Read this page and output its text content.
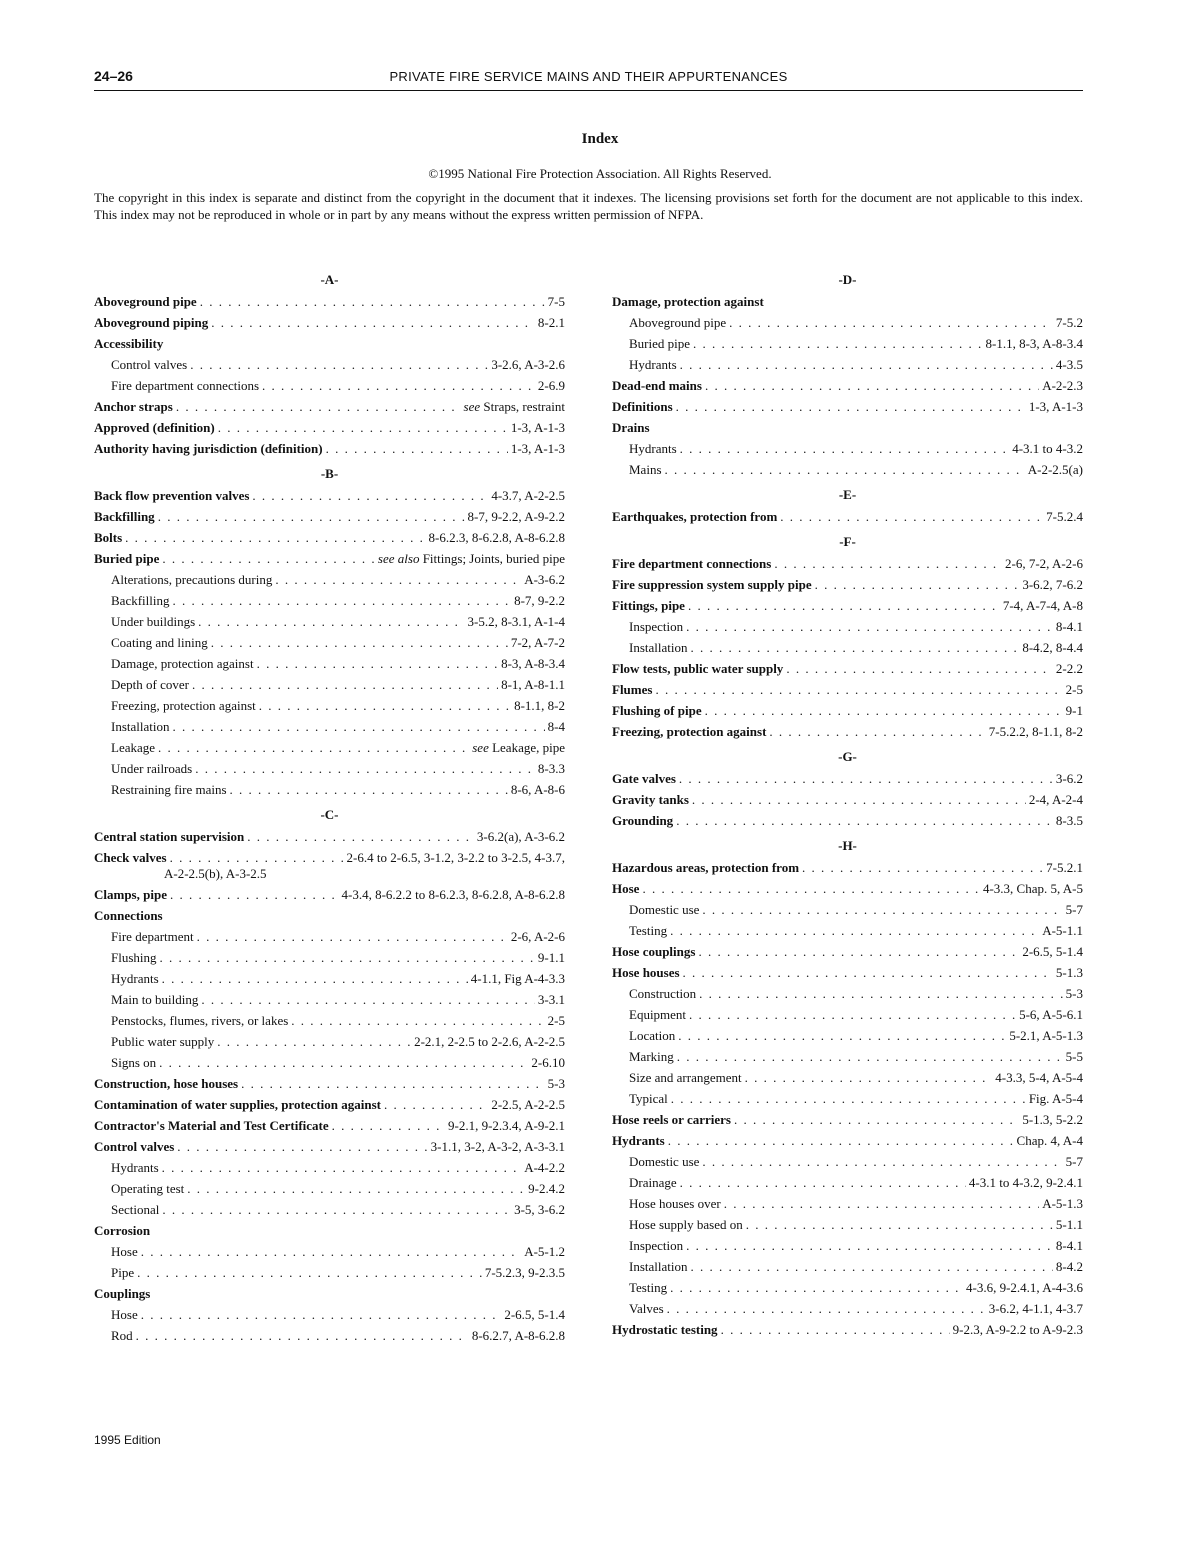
24–26	PRIVATE FIRE SERVICE MAINS AND THEIR APPURTENANCES
Index
©1995 National Fire Protection Association. All Rights Reserved.
The copyright in this index is separate and distinct from the copyright in the document that it indexes. The licensing provisions set forth for the document are not applicable to this index. This index may not be reproduced in whole or in part by any means without the express written permission of NFPA.
-A-
Aboveground pipe . . .	7-5
Aboveground piping . . .	8-2.1
Accessibility
Control valves . . .	3-2.6, A-3-2.6
Fire department connections . . .	2-6.9
Anchor straps . . .	see Straps, restraint
Approved (definition) . . .	1-3, A-1-3
Authority having jurisdiction (definition) . . .	1-3, A-1-3
-B-
Back flow prevention valves . . .	4-3.7, A-2-2.5
Backfilling . . .	8-7, 9-2.2, A-9-2.2
Bolts . . .	8-6.2.3, 8-6.2.8, A-8-6.2.8
Buried pipe . . .	see also Fittings; Joints, buried pipe
Alterations, precautions during . . .	A-3-6.2
Backfilling . . .	8-7, 9-2.2
Under buildings . . .	3-5.2, 8-3.1, A-1-4
Coating and lining . . .	7-2, A-7-2
Damage, protection against . . .	8-3, A-8-3.4
Depth of cover . . .	8-1, A-8-1.1
Freezing, protection against . . .	8-1.1, 8-2
Installation . . .	8-4
Leakage . . .	see Leakage, pipe
Under railroads . . .	8-3.3
Restraining fire mains . . .	8-6, A-8-6
-C-
Central station supervision . . .	3-6.2(a), A-3-6.2
Check valves . . .	2-6.4 to 2-6.5, 3-1.2, 3-2.2 to 3-2.5, 4-3.7,
A-2-2.5(b), A-3-2.5
Clamps, pipe . . .	4-3.4, 8-6.2.2 to 8-6.2.3, 8-6.2.8, A-8-6.2.8
Connections
Fire department . . .	2-6, A-2-6
Flushing . . .	9-1.1
Hydrants . . .	4-1.1, Fig A-4-3.3
Main to building . . .	3-3.1
Penstocks, flumes, rivers, or lakes . . .	2-5
Public water supply . . .	2-2.1, 2-2.5 to 2-2.6, A-2-2.5
Signs on . . .	2-6.10
Construction, hose houses . . .	5-3
Contamination of water supplies, protection against . . .	2-2.5, A-2-2.5
Contractor's Material and Test Certificate . . .	9-2.1, 9-2.3.4, A-9-2.1
Control valves . . .	3-1.1, 3-2, A-3-2, A-3-3.1
Hydrants . . .	A-4-2.2
Operating test . . .	9-2.4.2
Sectional . . .	3-5, 3-6.2
Corrosion
Hose . . .	A-5-1.2
Pipe . . .	7-5.2.3, 9-2.3.5
Couplings
Hose . . .	2-6.5, 5-1.4
Rod . . .	8-6.2.7, A-8-6.2.8
-D-
Damage, protection against
Aboveground pipe . . .	7-5.2
Buried pipe . . .	8-1.1, 8-3, A-8-3.4
Hydrants . . .	4-3.5
Dead-end mains . . .	A-2-2.3
Definitions . . .	1-3, A-1-3
Drains
Hydrants . . .	4-3.1 to 4-3.2
Mains . . .	A-2-2.5(a)
-E-
Earthquakes, protection from . . .	7-5.2.4
-F-
Fire department connections . . .	2-6, 7-2, A-2-6
Fire suppression system supply pipe . . .	3-6.2, 7-6.2
Fittings, pipe . . .	7-4, A-7-4, A-8
Inspection . . .	8-4.1
Installation . . .	8-4.2, 8-4.4
Flow tests, public water supply . . .	2-2.2
Flumes . . .	2-5
Flushing of pipe . . .	9-1
Freezing, protection against . . .	7-5.2.2, 8-1.1, 8-2
-G-
Gate valves . . .	3-6.2
Gravity tanks . . .	2-4, A-2-4
Grounding . . .	8-3.5
-H-
Hazardous areas, protection from . . .	7-5.2.1
Hose . . .	4-3.3, Chap. 5, A-5
Domestic use . . .	5-7
Testing . . .	A-5-1.1
Hose couplings . . .	2-6.5, 5-1.4
Hose houses . . .	5-1.3
Construction . . .	5-3
Equipment . . .	5-6, A-5-6.1
Location . . .	5-2.1, A-5-1.3
Marking . . .	5-5
Size and arrangement . . .	4-3.3, 5-4, A-5-4
Typical . . .	Fig. A-5-4
Hose reels or carriers . . .	5-1.3, 5-2.2
Hydrants . . .	Chap. 4, A-4
Domestic use . . .	5-7
Drainage . . .	4-3.1 to 4-3.2, 9-2.4.1
Hose houses over . . .	A-5-1.3
Hose supply based on . . .	5-1.1
Inspection . . .	8-4.1
Installation . . .	8-4.2
Testing . . .	4-3.6, 9-2.4.1, A-4-3.6
Valves . . .	3-6.2, 4-1.1, 4-3.7
Hydrostatic testing . . .	9-2.3, A-9-2.2 to A-9-2.3
1995 Edition
